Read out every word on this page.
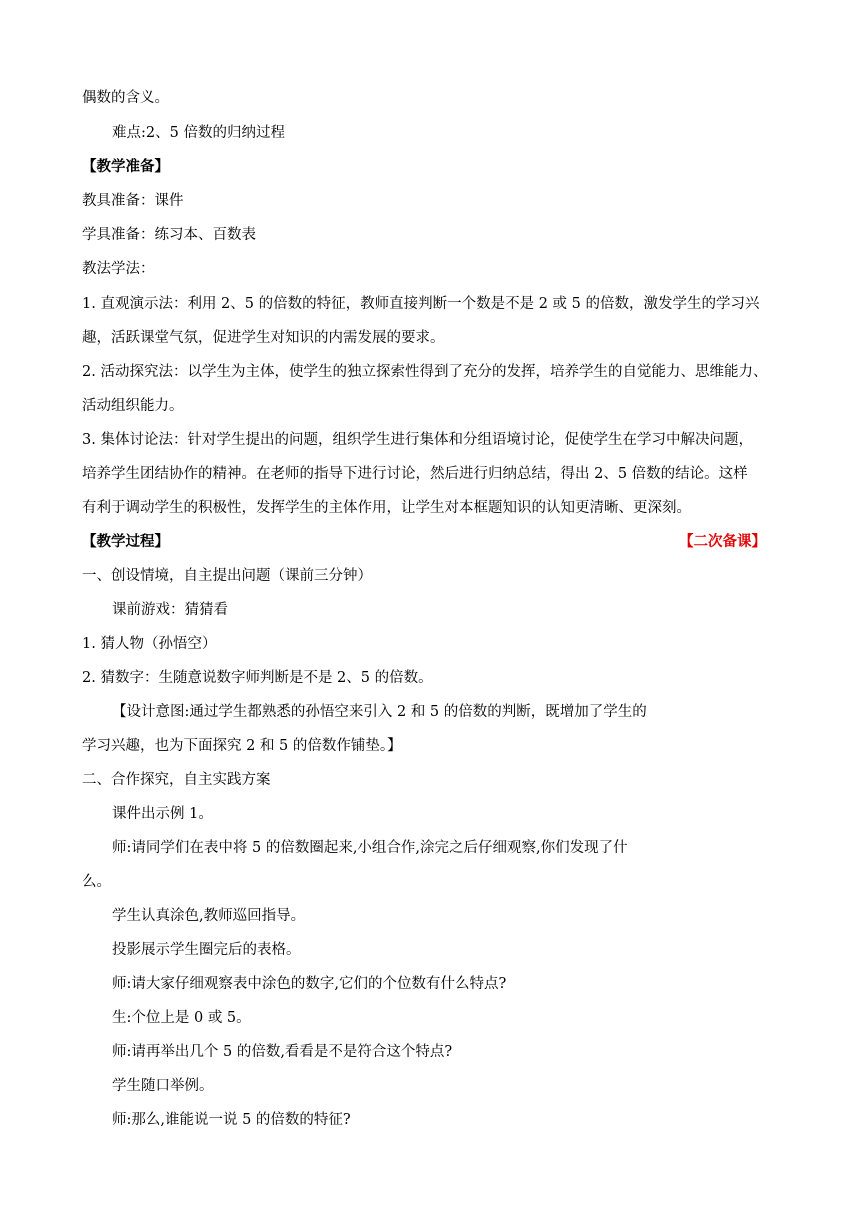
偶数的含义。
难点:2、5 倍数的归纳过程
【教学准备】
教具准备：课件
学具准备：练习本、百数表
教法学法：
1. 直观演示法：利用 2、5 的倍数的特征，教师直接判断一个数是不是 2 或 5 的倍数，激发学生的学习兴
趣，活跃课堂气氛，促进学生对知识的内需发展的要求。
2. 活动探究法：以学生为主体，使学生的独立探索性得到了充分的发挥，培养学生的自觉能力、思维能力、
活动组织能力。
3. 集体讨论法：针对学生提出的问题，组织学生进行集体和分组语境讨论，促使学生在学习中解决问题，
培养学生团结协作的精神。在老师的指导下进行讨论，然后进行归纳总结，得出 2、5 倍数的结论。这样
有利于调动学生的积极性，发挥学生的主体作用，让学生对本框题知识的认知更清晰、更深刻。
【教学过程】	【二次备课】
一、创设情境，自主提出问题（课前三分钟）
课前游戏：猜猜看
1. 猜人物（孙悟空）
2. 猜数字：生随意说数字师判断是不是 2、5 的倍数。
【设计意图:通过学生都熟悉的孙悟空来引入 2 和 5 的倍数的判断，既增加了学生的
学习兴趣，也为下面探究 2 和 5 的倍数作铺垫。】
二、合作探究，自主实践方案
课件出示例 1。
师:请同学们在表中将 5 的倍数圈起来,小组合作,涂完之后仔细观察,你们发现了什
么。
学生认真涂色,教师巡回指导。
投影展示学生圈完后的表格。
师:请大家仔细观察表中涂色的数字,它们的个位数有什么特点?
生:个位上是 0 或 5。
师:请再举出几个 5 的倍数,看看是不是符合这个特点?
学生随口举例。
师:那么,谁能说一说 5 的倍数的特征?
